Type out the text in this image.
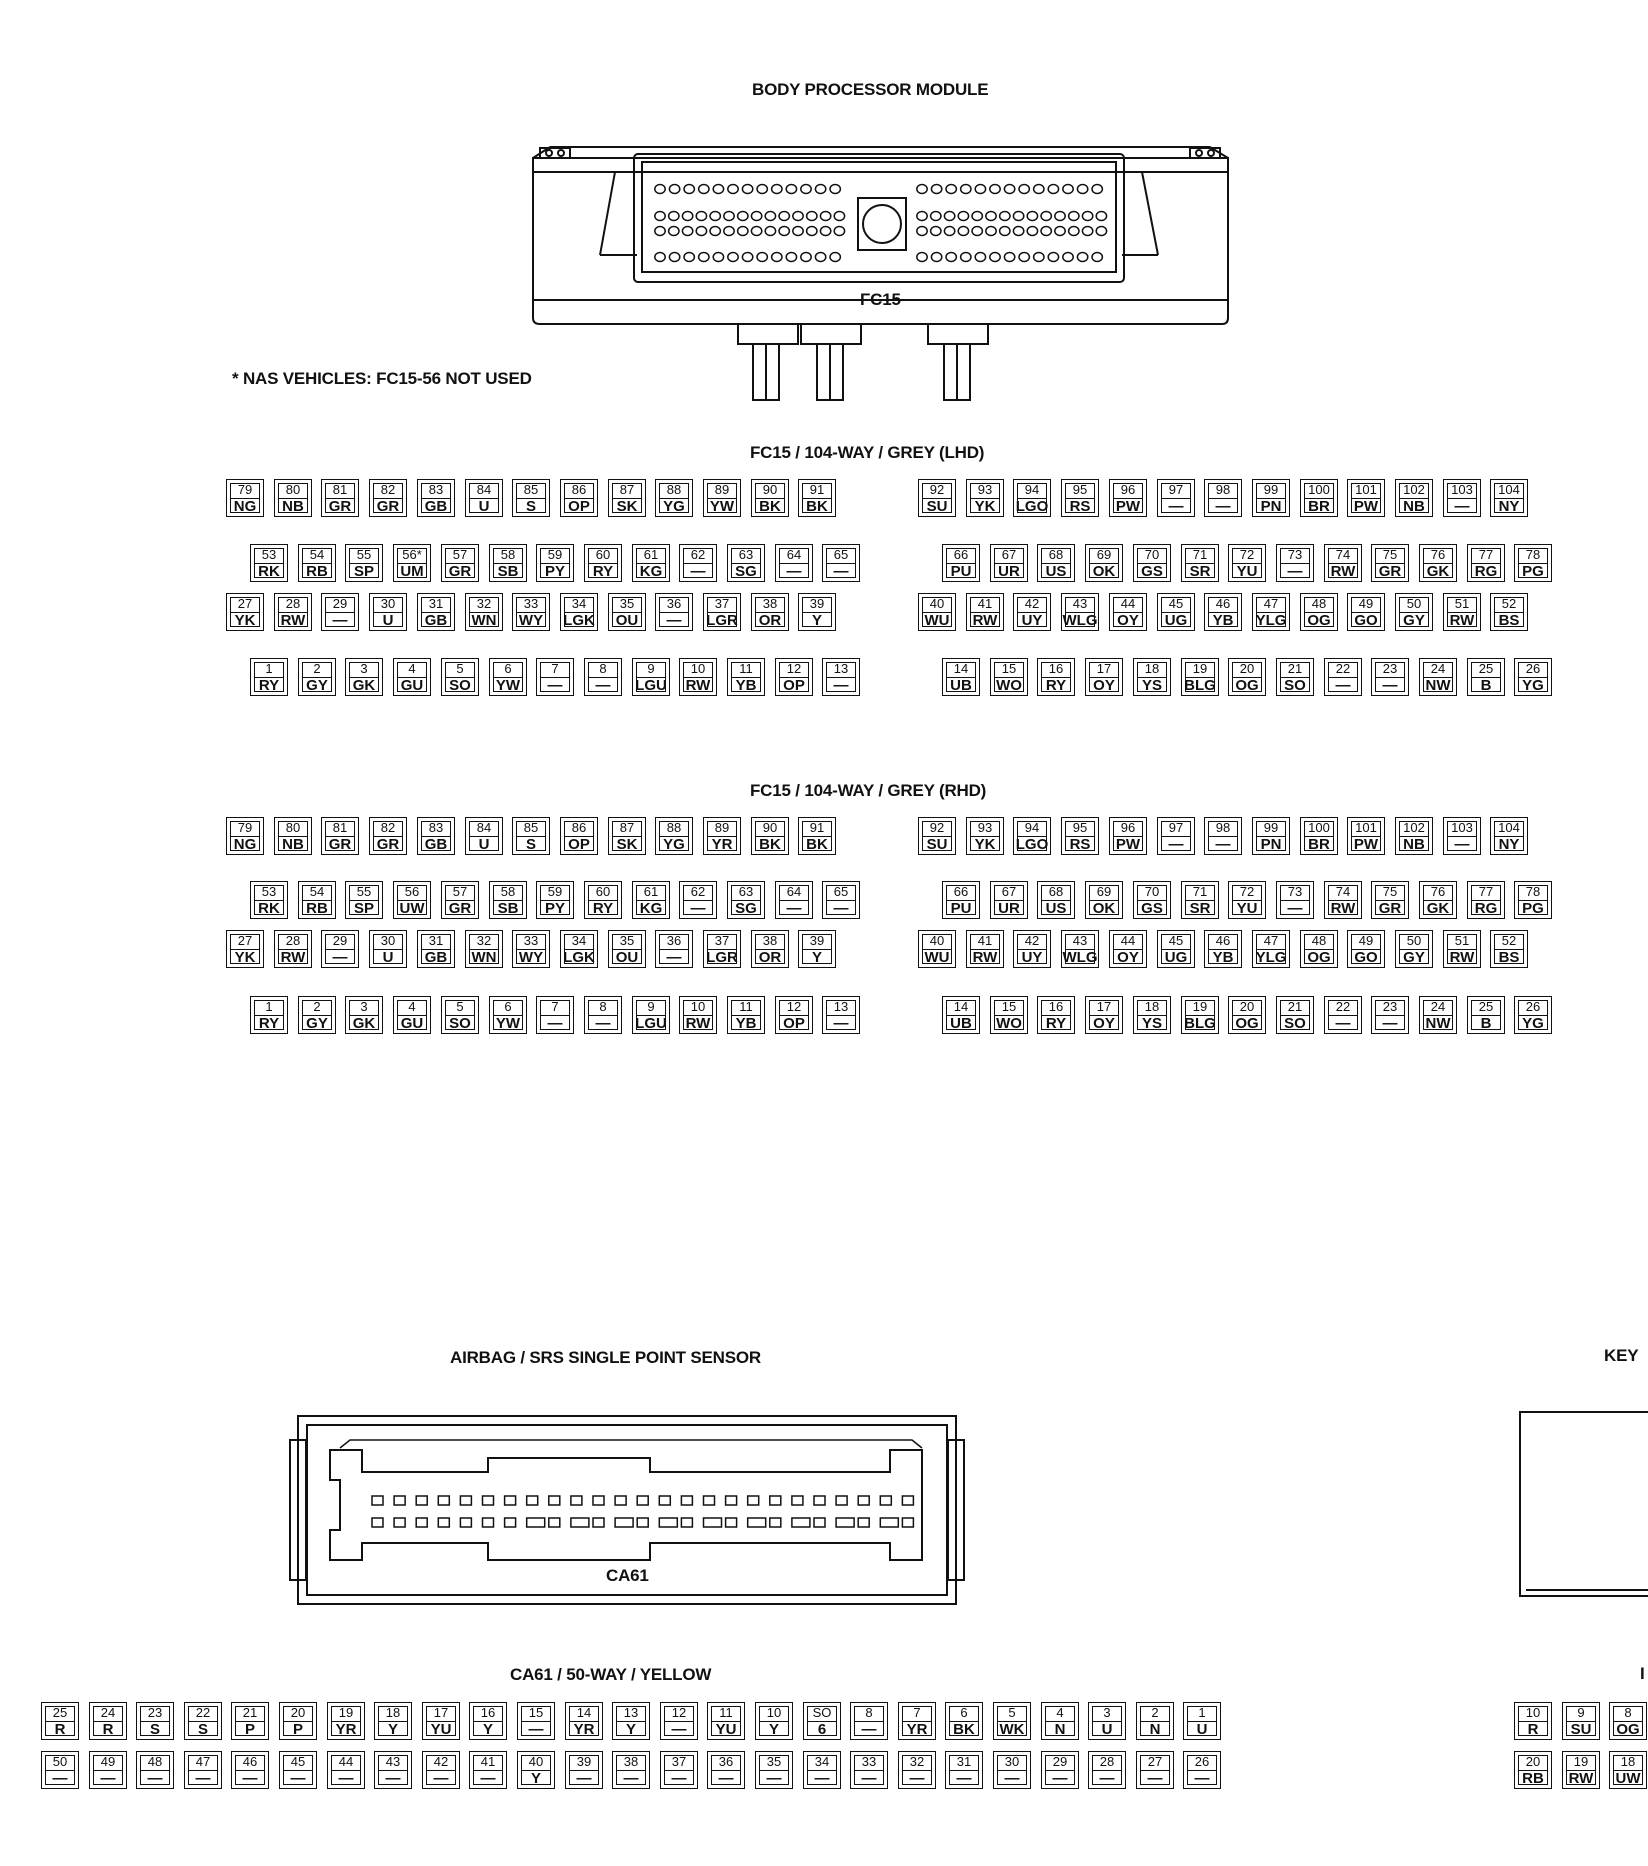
BODY PROCESSOR MODULE
FC15
* NAS VEHICLES: FC15-56 NOT USED
FC15 / 104-WAY / GREY (LHD)
FC15 / 104-WAY / GREY (RHD)
AIRBAG / SRS SINGLE POINT SENSOR
CA61
CA61 / 50-WAY / YELLOW
KEY
I
79
NG
80
NB
81
GR
82
GR
83
GB
84
U
85
S
86
OP
87
SK
88
YG
89
YW
90
BK
91
BK
92
SU
93
YK
94
LGO
95
RS
96
PW
97
—
98
—
99
PN
100
BR
101
PW
102
NB
103
—
104
NY
53
RK
54
RB
55
SP
56*
UM
57
GR
58
SB
59
PY
60
RY
61
KG
62
—
63
SG
64
—
65
—
66
PU
67
UR
68
US
69
OK
70
GS
71
SR
72
YU
73
—
74
RW
75
GR
76
GK
77
RG
78
PG
27
YK
28
RW
29
—
30
U
31
GB
32
WN
33
WY
34
LGK
35
OU
36
—
37
LGR
38
OR
39
Y
40
WU
41
RW
42
UY
43
WLG
44
OY
45
UG
46
YB
47
YLG
48
OG
49
GO
50
GY
51
RW
52
BS
1
RY
2
GY
3
GK
4
GU
5
SO
6
YW
7
—
8
—
9
LGU
10
RW
11
YB
12
OP
13
—
14
UB
15
WO
16
RY
17
OY
18
YS
19
BLG
20
OG
21
SO
22
—
23
—
24
NW
25
B
26
YG
79
NG
80
NB
81
GR
82
GR
83
GB
84
U
85
S
86
OP
87
SK
88
YG
89
YR
90
BK
91
BK
92
SU
93
YK
94
LGO
95
RS
96
PW
97
—
98
—
99
PN
100
BR
101
PW
102
NB
103
—
104
NY
53
RK
54
RB
55
SP
56
UW
57
GR
58
SB
59
PY
60
RY
61
KG
62
—
63
SG
64
—
65
—
66
PU
67
UR
68
US
69
OK
70
GS
71
SR
72
YU
73
—
74
RW
75
GR
76
GK
77
RG
78
PG
27
YK
28
RW
29
—
30
U
31
GB
32
WN
33
WY
34
LGK
35
OU
36
—
37
LGR
38
OR
39
Y
40
WU
41
RW
42
UY
43
WLG
44
OY
45
UG
46
YB
47
YLG
48
OG
49
GO
50
GY
51
RW
52
BS
1
RY
2
GY
3
GK
4
GU
5
SO
6
YW
7
—
8
—
9
LGU
10
RW
11
YB
12
OP
13
—
14
UB
15
WO
16
RY
17
OY
18
YS
19
BLG
20
OG
21
SO
22
—
23
—
24
NW
25
B
26
YG
25
R
24
R
23
S
22
S
21
P
20
P
19
YR
18
Y
17
YU
16
Y
15
—
14
YR
13
Y
12
—
11
YU
10
Y
SO
6
8
—
7
YR
6
BK
5
WK
4
N
3
U
2
N
1
U
50
—
49
—
48
—
47
—
46
—
45
—
44
—
43
—
42
—
41
—
40
Y
39
—
38
—
37
—
36
—
35
—
34
—
33
—
32
—
31
—
30
—
29
—
28
—
27
—
26
—
10
R
9
SU
8
OG
20
RB
19
RW
18
UW
